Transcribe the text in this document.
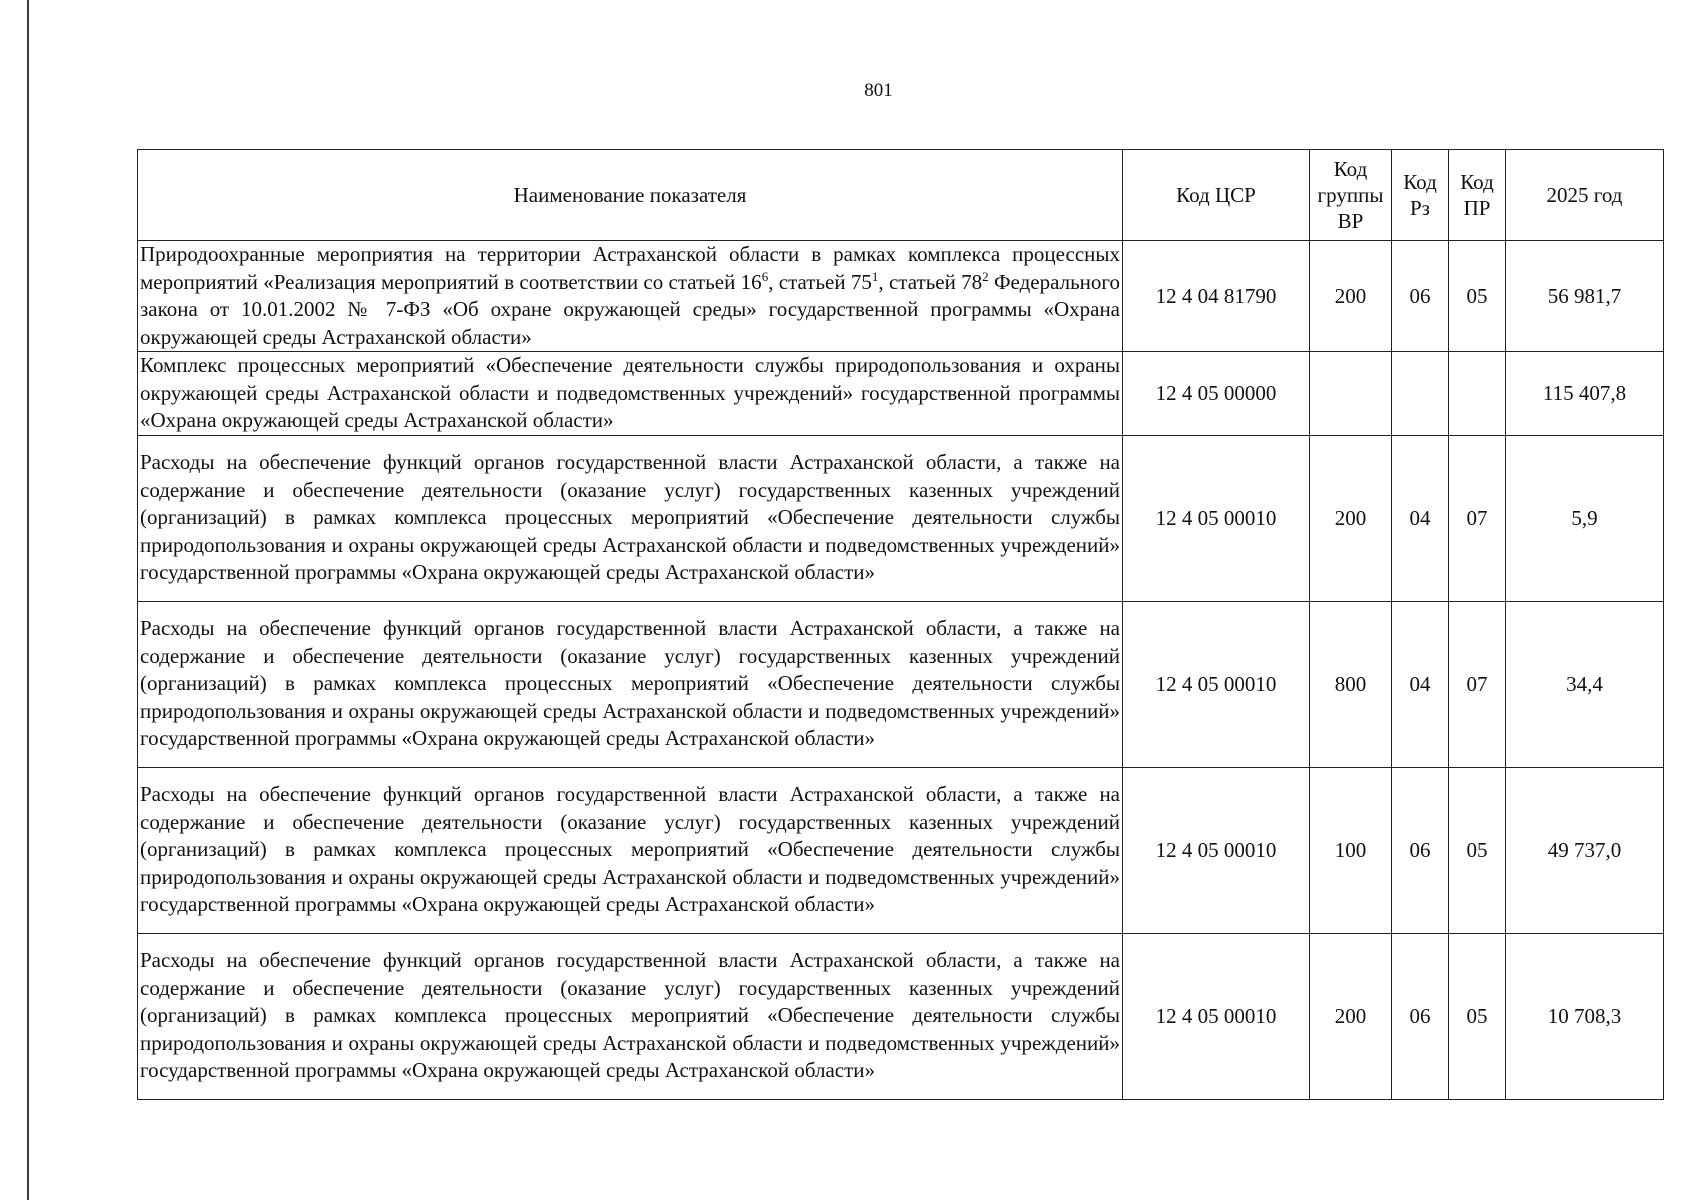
801
Наименование показателя	Код ЦСР	Код группы ВР	Код Рз	Код ПР	2025 год
Природоохранные мероприятия на территории Астраханской области в рамках комплекса процессных мероприятий «Реализация мероприятий в соответствии со статьей $16^6$, статьей $75^1$, статьей $78^2$ Федерального закона от 10.01.2002 № 7-ФЗ «Об охране окружающей среды» государственной программы «Охрана окружающей среды Астраханской области»	12 4 04 81790	200	06	05	56 981,7
Комплекс процессных мероприятий «Обеспечение деятельности службы природопользования и охраны окружающей среды Астраханской области и подведомственных учреждений» государственной программы «Охрана окружающей среды Астраханской области»	12 4 05 00000				115 407,8
Расходы на обеспечение функций органов государственной власти Астраханской области, а также на содержание и обеспечение деятельности (оказание услуг) государственных казенных учреждений (организаций) в рамках комплекса процессных мероприятий «Обеспечение деятельности службы природопользования и охраны окружающей среды Астраханской области и подведомственных учреждений» государственной программы «Охрана окружающей среды Астраханской области»	12 4 05 00010	200	04	07	5,9
Расходы на обеспечение функций органов государственной власти Астраханской области, а также на содержание и обеспечение деятельности (оказание услуг) государственных казенных учреждений (организаций) в рамках комплекса процессных мероприятий «Обеспечение деятельности службы природопользования и охраны окружающей среды Астраханской области и подведомственных учреждений» государственной программы «Охрана окружающей среды Астраханской области»	12 4 05 00010	800	04	07	34,4
Расходы на обеспечение функций органов государственной власти Астраханской области, а также на содержание и обеспечение деятельности (оказание услуг) государственных казенных учреждений (организаций) в рамках комплекса процессных мероприятий «Обеспечение деятельности службы природопользования и охраны окружающей среды Астраханской области и подведомственных учреждений» государственной программы «Охрана окружающей среды Астраханской области»	12 4 05 00010	100	06	05	49 737,0
Расходы на обеспечение функций органов государственной власти Астраханской области, а также на содержание и обеспечение деятельности (оказание услуг) государственных казенных учреждений (организаций) в рамках комплекса процессных мероприятий «Обеспечение деятельности службы природопользования и охраны окружающей среды Астраханской области и подведомственных учреждений» государственной программы «Охрана окружающей среды Астраханской области»	12 4 05 00010	200	06	05	10 708,3
